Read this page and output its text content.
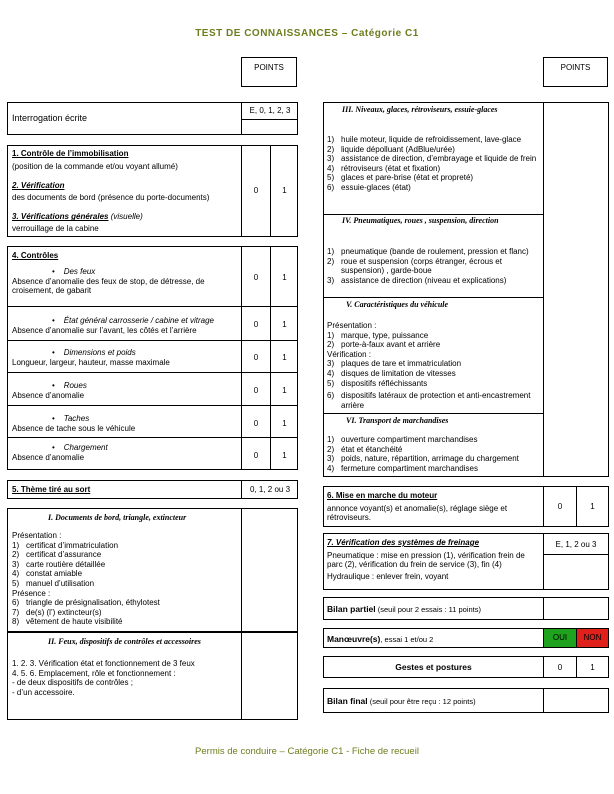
TEST DE CONNAISSANCES – Catégorie C1
POINTS	POINTS
Interrogation écrite
E, 0, 1, 2, 3
1. Contrôle de l’immobilisation
(position de la commande et/ou voyant allumé)
2. Vérification
des documents de bord (présence du porte-documents)
3. Vérifications générales (visuelle)
verrouillage de la cabine
0	1
4. Contrôles
•    Des feux
Absence d’anomalie des feux de stop, de détresse, de croisement, de gabarit
0	1
•    État général carrosserie / cabine et vitrage
Absence d’anomalie sur l’avant, les côtés et l’arrière
0	1
•    Dimensions et poids
Longueur, largeur, hauteur, masse maximale
0	1
•    Roues
Absence d’anomalie
0	1
•    Taches
Absence de tache sous le véhicule
0	1
•    Chargement
Absence d’anomalie	0	1
5. Thème tiré au sort	0, 1, 2 ou 3
I. Documents de bord, triangle, extincteur
Présentation :
1) certificat d’immatriculation
2) certificat d’assurance
3) carte routière détaillée
4) constat amiable
5) manuel d’utilisation
Présence :
6) triangle de présignalisation, éthylotest
7) de(s) (l’) extincteur(s)
8) vêtement de haute visibilité
II. Feux, dispositifs de contrôles et accessoires
1. 2. 3. Vérification état et fonctionnement de 3 feux
4. 5. 6. Emplacement, rôle et fonctionnement :
- de deux dispositifs de contrôles ;
- d’un accessoire.
III. Niveaux, glaces, rétroviseurs, essuie-glaces
1) huile moteur, liquide de refroidissement, lave-glace
2) liquide dépolluant (AdBlue/urée)
3) assistance de direction, d’embrayage et liquide de frein
4) rétroviseurs (état et fixation)
5) glaces et pare-brise (état et propreté)
6) essuie-glaces (état)
IV. Pneumatiques, roues , suspension, direction
1) pneumatique (bande de roulement, pression et flanc)
2) roue et suspension (corps étranger, écrous et suspension) , garde-boue
3) assistance de direction (niveau et explications)
V. Caractéristiques du véhicule
Présentation :
1) marque, type, puissance
2) porte-à-faux avant et arrière
Vérification :
3) plaques de tare et immatriculation
4) disques de limitation de vitesses
5) dispositifs réfléchissants
6) dispositifs latéraux de protection et anti-encastrement arrière
VI. Transport de marchandises
1) ouverture compartiment marchandises
2) état et étanchéité
3) poids, nature, répartition, arrimage du chargement
4) fermeture compartiment marchandises
6. Mise en marche du moteur
annonce voyant(s) et anomalie(s), réglage siège et rétroviseurs.
0	1
7. Vérification des systèmes de freinage
Pneumatique : mise en pression (1), vérification frein de parc (2), vérification du frein de service (3), fin (4)
Hydraulique : enlever frein, voyant
E, 1, 2 ou 3
Bilan partiel (seuil pour 2 essais : 11 points)
Manœuvre(s), essai 1 et/ou 2	OUI	NON
Gestes et postures	0	1
Bilan final (seuil pour être reçu : 12 points)
Permis de conduire – Catégorie C1 - Fiche de recueil
